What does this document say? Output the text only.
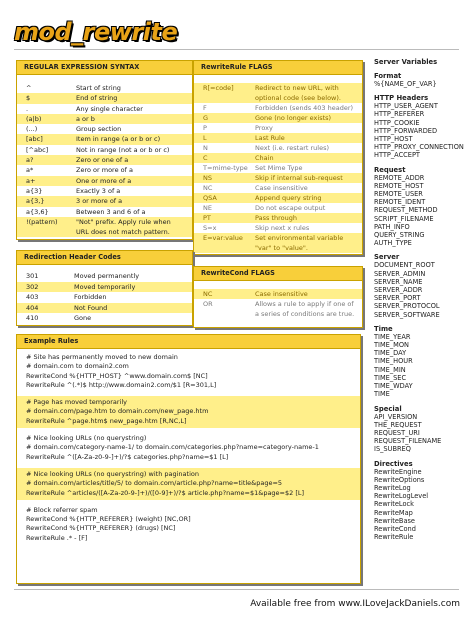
mod_rewrite
REGULAR EXPRESSION SYNTAX
^	Start of string
$	End of string
.	Any single character
(a|b)	a or b
(...)	Group section
[abc]	Item in range (a or b or c)
[^abc]	Not in range (not a or b or c)
a?	Zero or one of a
a*	Zero or more of a
a+	One or more of a
a{3}	Exactly 3 of a
a{3,}	3 or more of a
a{3,6}	Between 3 and 6 of a
!(pattern)	"Not" prefix. Apply rule when
URL does not match pattern.
RewriteRule FLAGS
R[=code]	Redirect to new URL, with
optional code (see below).
F	Forbidden (sends 403 header)
G	Gone (no longer exists)
P	Proxy
L	Last Rule
N	Next (i.e. restart rules)
C	Chain
T=mime-type	Set Mime Type
NS	Skip if internal sub-request
NC	Case insensitive
QSA	Append query string
NE	Do not escape output
PT	Pass through
S=x	Skip next x rules
E=var:value	Set environmental variable
"var" to "value".
Redirection Header Codes
301	Moved permanently
302	Moved temporarily
403	Forbidden
404	Not Found
410	Gone
RewriteCond FLAGS
NC	Case insensitive
OR	Allows a rule to apply if one of
a series of conditions are true.
Example Rules
# Site has permanently moved to new domain
# domain.com to domain2.com
RewriteCond %{HTTP_HOST} ^www.domain.com$ [NC]
RewriteRule ^(.*)$ http://www.domain2.com/$1 [R=301,L]
# Page has moved temporarily
# domain.com/page.htm to domain.com/new_page.htm
RewriteRule ^page.htm$ new_page.htm [R,NC,L]
# Nice looking URLs (no querystring)
# domain.com/category-name-1/ to domain.com/categories.php?name=category-name-1
RewriteRule ^([A-Za-z0-9-]+)/?$ categories.php?name=$1 [L]
# Nice looking URLs (no querystring) with pagination
# domain.com/articles/title/5/ to domain.com/article.php?name=title&page=5
RewriteRule ^articles/([A-Za-z0-9-]+)/([0-9]+)/?$ article.php?name=$1&page=$2 [L]
# Block referrer spam
RewriteCond %{HTTP_REFERER} (weight) [NC,OR]
RewriteCond %{HTTP_REFERER} (drugs) [NC]
RewriteRule .* - [F]
Server Variables
Format
%{NAME_OF_VAR}
HTTP Headers
HTTP_USER_AGENT
HTTP_REFERER
HTTP_COOKIE
HTTP_FORWARDED
HTTP_HOST
HTTP_PROXY_CONNECTION
HTTP_ACCEPT
Request
REMOTE_ADDR
REMOTE_HOST
REMOTE_USER
REMOTE_IDENT
REQUEST_METHOD
SCRIPT_FILENAME
PATH_INFO
QUERY_STRING
AUTH_TYPE
Server
DOCUMENT_ROOT
SERVER_ADMIN
SERVER_NAME
SERVER_ADDR
SERVER_PORT
SERVER_PROTOCOL
SERVER_SOFTWARE
Time
TIME_YEAR
TIME_MON
TIME_DAY
TIME_HOUR
TIME_MIN
TIME_SEC
TIME_WDAY
TIME
Special
API_VERSION
THE_REQUEST
REQUEST_URI
REQUEST_FILENAME
IS_SUBREQ
Directives
RewriteEngine
RewriteOptions
RewriteLog
RewriteLogLevel
RewriteLock
RewriteMap
RewriteBase
RewriteCond
RewriteRule
Available free from www.ILoveJackDaniels.com
